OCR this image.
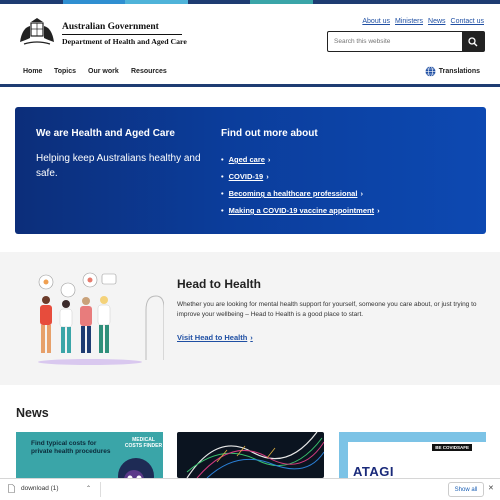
Australian Government
Department of Health and Aged Care
About us Ministers News Contact us
Search this website
Home Topics Our work Resources	Translations
We are Health and Aged Care
Helping keep Australians healthy and safe.
Find out more about
• Aged care ›
• COVID-19 ›
• Becoming a healthcare professional ›
• Making a COVID-19 vaccine appointment ›
Head to Health
Whether you are looking for mental health support for yourself, someone you care about, or just trying to improve your wellbeing – Head to Health is a good place to start.
Visit Head to Health ›
News
Find typical costs for private health procedures
MEDICAL COSTS FINDER	BE COVIDSAFE
ATAGI
download (1)	⌃	Show all	✕
